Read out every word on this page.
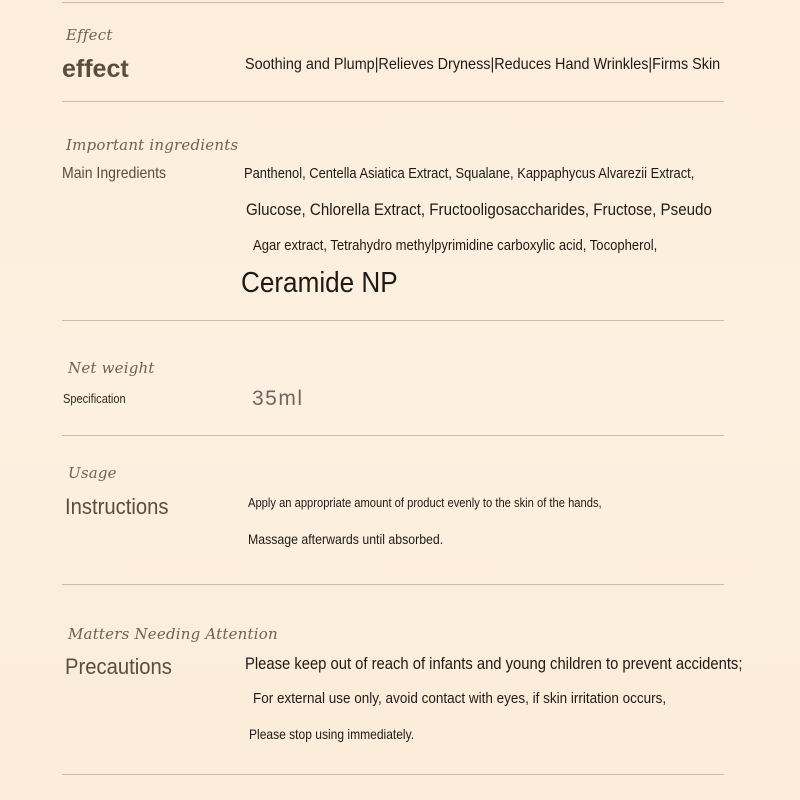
Effect
effect	Soothing and Plump|Relieves Dryness|Reduces Hand Wrinkles|Firms Skin
Important ingredients
Main Ingredients	Panthenol, Centella Asiatica Extract, Squalane, Kappaphycus Alvarezii Extract,
Glucose, Chlorella Extract, Fructooligosaccharides, Fructose, Pseudo
Agar extract, Tetrahydro methylpyrimidine carboxylic acid, Tocopherol,
Ceramide NP
Net weight
Specification	35ml
Usage
Instructions	Apply an appropriate amount of product evenly to the skin of the hands,
Massage afterwards until absorbed.
Matters Needing Attention
Precautions	Please keep out of reach of infants and young children to prevent accidents;
For external use only, avoid contact with eyes, if skin irritation occurs,
Please stop using immediately.
